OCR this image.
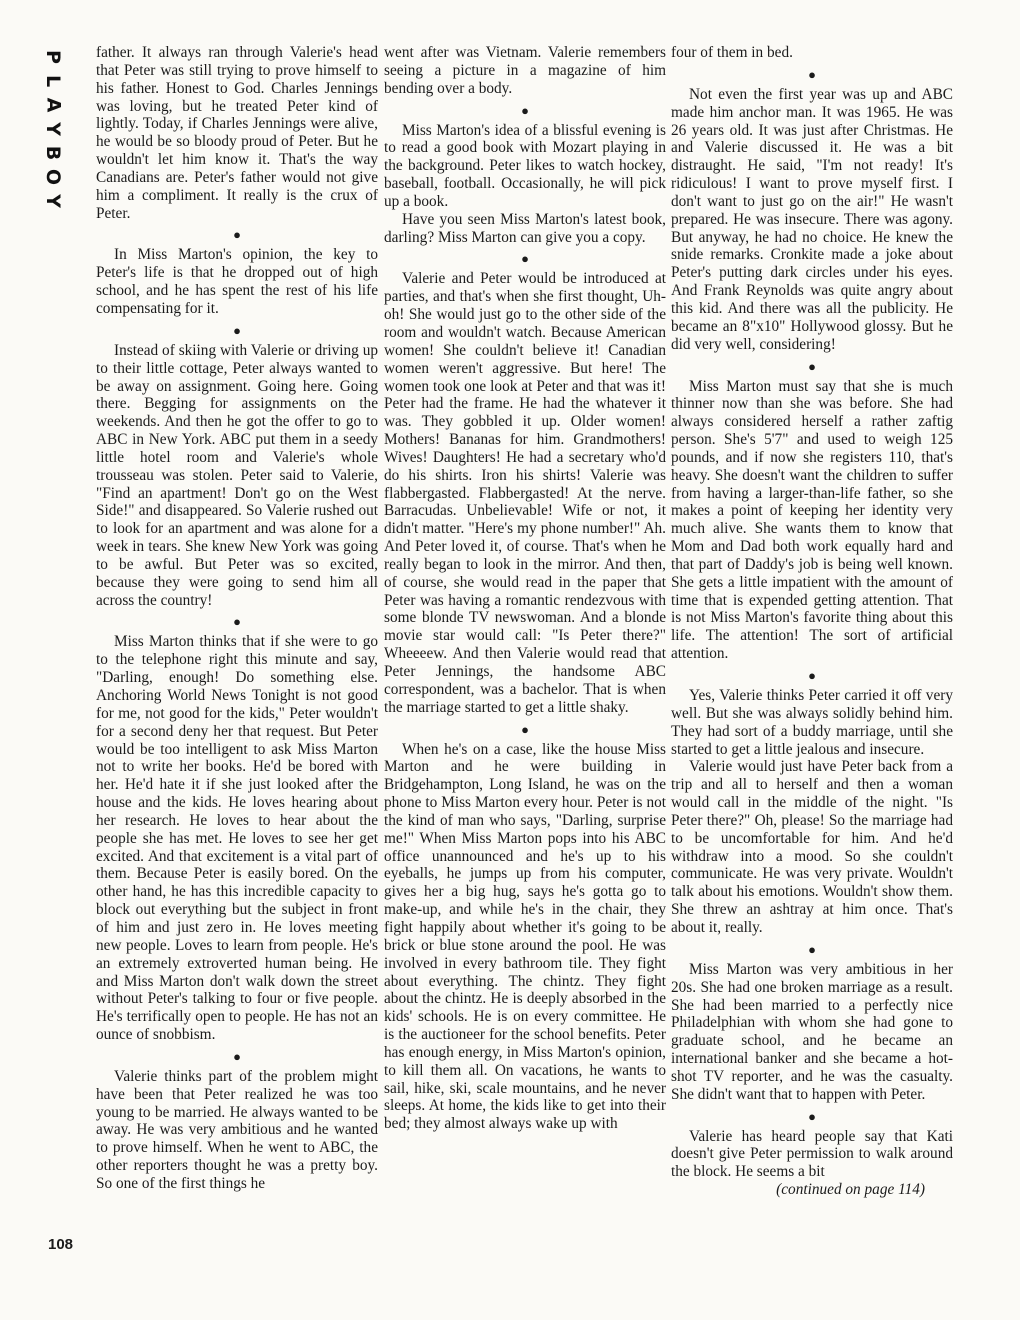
P
L
A
Y
B
O
Y
108

father. It always ran through Valerie's head that Peter was still trying to prove himself to his father. Honest to God. Charles Jennings was loving, but he treated Peter kind of lightly. Today, if Charles Jennings were alive, he would be so bloody proud of Peter. But he wouldn't let him know it. That's the way Canadians are. Peter's father would not give him a compliment. It really is the crux of Peter.

●

In Miss Marton's opinion, the key to Peter's life is that he dropped out of high school, and he has spent the rest of his life compensating for it.

●

Instead of skiing with Valerie or driving up to their little cottage, Peter always wanted to be away on assignment. Going here. Going there. Begging for assignments on the weekends. And then he got the offer to go to ABC in New York. ABC put them in a seedy little hotel room and Valerie's whole trousseau was stolen. Peter said to Valerie, "Find an apartment! Don't go on the West Side!" and disappeared. So Valerie rushed out to look for an apartment and was alone for a week in tears. She knew New York was going to be awful. But Peter was so excited, because they were going to send him all across the country!

●

Miss Marton thinks that if she were to go to the telephone right this minute and say, "Darling, enough! Do something else. Anchoring World News Tonight is not good for me, not good for the kids," Peter wouldn't for a second deny her that request. But Peter would be too intelligent to ask Miss Marton not to write her books. He'd be bored with her. He'd hate it if she just looked after the house and the kids. He loves hearing about her research. He loves to hear about the people she has met. He loves to see her get excited. And that excitement is a vital part of them. Because Peter is easily bored. On the other hand, he has this incredible capacity to block out everything but the subject in front of him and just zero in. He loves meeting new people. Loves to learn from people. He's an extremely extroverted human being. He and Miss Marton don't walk down the street without Peter's talking to four or five people. He's terrifically open to people. He has not an ounce of snobbism.

●

Valerie thinks part of the problem might have been that Peter realized he was too young to be married. He always wanted to be away. He was very ambitious and he wanted to prove himself. When he went to ABC, the other reporters thought he was a pretty boy. So one of the first things he

went after was Vietnam. Valerie remembers seeing a picture in a magazine of him bending over a body.

●

Miss Marton's idea of a blissful evening is to read a good book with Mozart playing in the background. Peter likes to watch hockey, baseball, football. Occasionally, he will pick up a book.

Have you seen Miss Marton's latest book, darling? Miss Marton can give you a copy.

●

Valerie and Peter would be introduced at parties, and that's when she first thought, Uh-oh! She would just go to the other side of the room and wouldn't watch. Because American women! She couldn't believe it! Canadian women weren't aggressive. But here! The women took one look at Peter and that was it! Peter had the frame. He had the whatever it was. They gobbled it up. Older women! Mothers! Bananas for him. Grandmothers! Wives! Daughters! He had a secretary who'd do his shirts. Iron his shirts! Valerie was flabbergasted. Flabbergasted! At the nerve. Barracudas. Unbelievable! Wife or not, it didn't matter. "Here's my phone number!" Ah. And Peter loved it, of course. That's when he really began to look in the mirror. And then, of course, she would read in the paper that Peter was having a romantic rendezvous with some blonde TV newswoman. And a blonde movie star would call: "Is Peter there?" Wheeeew. And then Valerie would read that Peter Jennings, the handsome ABC correspondent, was a bachelor. That is when the marriage started to get a little shaky.

●

When he's on a case, like the house Miss Marton and he were building in Bridgehampton, Long Island, he was on the phone to Miss Marton every hour. Peter is not the kind of man who says, "Darling, surprise me!" When Miss Marton pops into his ABC office unannounced and he's up to his eyeballs, he jumps up from his computer, gives her a big hug, says he's gotta go to make-up, and while he's in the chair, they fight happily about whether it's going to be brick or blue stone around the pool. He was involved in every bathroom tile. They fight about everything. The chintz. They fight about the chintz. He is deeply absorbed in the kids' schools. He is on every committee. He is the auctioneer for the school benefits. Peter has enough energy, in Miss Marton's opinion, to kill them all. On vacations, he wants to sail, hike, ski, scale mountains, and he never sleeps. At home, the kids like to get into their bed; they almost always wake up with

four of them in bed.

●

Not even the first year was up and ABC made him anchor man. It was 1965. He was 26 years old. It was just after Christmas. He and Valerie discussed it. He was a bit distraught. He said, "I'm not ready! It's ridiculous! I want to prove myself first. I don't want to just go on the air!" He wasn't prepared. He was insecure. There was agony. But anyway, he had no choice. He knew the snide remarks. Cronkite made a joke about Peter's putting dark circles under his eyes. And Frank Reynolds was quite angry about this kid. And there was all the publicity. He became an 8"x10" Hollywood glossy. But he did very well, considering!

●

Miss Marton must say that she is much thinner now than she was before. She had always considered herself a rather zaftig person. She's 5'7" and used to weigh 125 pounds, and if now she registers 110, that's heavy. She doesn't want the children to suffer from having a larger-than-life father, so she makes a point of keeping her identity very much alive. She wants them to know that Mom and Dad both work equally hard and that part of Daddy's job is being well known. She gets a little impatient with the amount of time that is expended getting attention. That is not Miss Marton's favorite thing about this life. The attention! The sort of artificial attention.

●

Yes, Valerie thinks Peter carried it off very well. But she was always solidly behind him. They had sort of a buddy marriage, until she started to get a little jealous and insecure.

Valerie would just have Peter back from a trip and all to herself and then a woman would call in the middle of the night. "Is Peter there?" Oh, please! So the marriage had to be uncomfortable for him. And he'd withdraw into a mood. So she couldn't communicate. He was very private. Wouldn't talk about his emotions. Wouldn't show them. She threw an ashtray at him once. That's about it, really.

●

Miss Marton was very ambitious in her 20s. She had one broken marriage as a result. She had been married to a perfectly nice Philadelphian with whom she had gone to graduate school, and he became an international banker and she became a hot-shot TV reporter, and he was the casualty. She didn't want that to happen with Peter.

●

Valerie has heard people say that Kati doesn't give Peter permission to walk around the block. He seems a bit

(continued on page 114)
